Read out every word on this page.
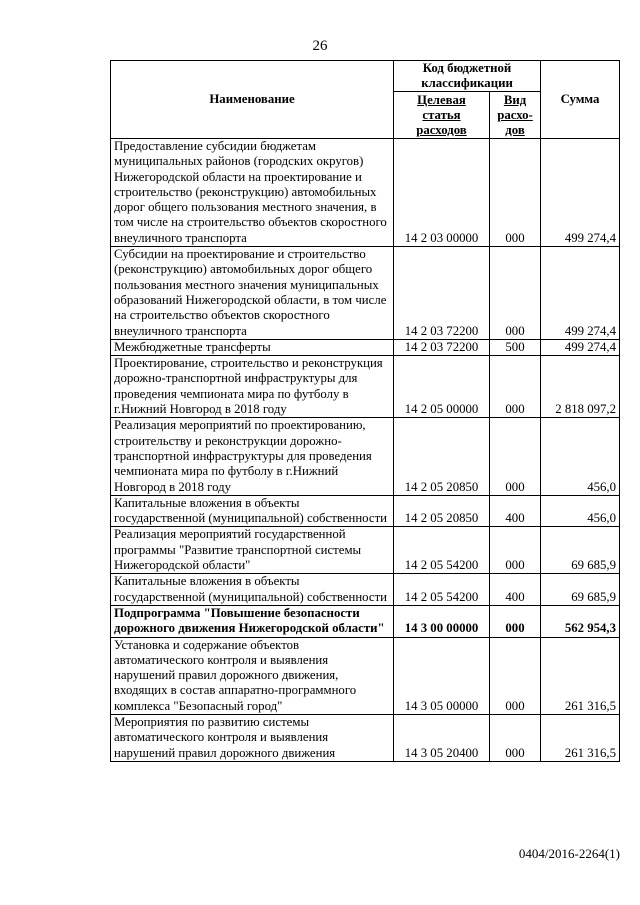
26
Наименование	Код бюджетной классификации		Сумма
	Целевая статья расходов	Вид расхо-дов	
Предоставление субсидии бюджетам муниципальных районов (городских округов) Нижегородской области на проектирование и строительство (реконструкцию) автомобильных дорог общего пользования местного значения, в том числе на строительство объектов скоростного внеуличного транспорта	14 2 03 00000	000	499 274,4
Субсидии на проектирование и строительство (реконструкцию) автомобильных дорог общего пользования местного значения муниципальных образований Нижегородской области, в том числе на строительство объектов скоростного внеуличного транспорта	14 2 03 72200	000	499 274,4
Межбюджетные трансферты	14 2 03 72200	500	499 274,4
Проектирование, строительство и реконструкция дорожно-транспортной инфраструктуры для проведения чемпионата мира по футболу в г.Нижний Новгород в 2018 году	14 2 05 00000	000	2 818 097,2
Реализация мероприятий по проектированию, строительству и реконструкции дорожно-транспортной инфраструктуры для проведения чемпионата мира по футболу в г.Нижний Новгород в 2018 году	14 2 05 20850	000	456,0
Капитальные вложения в объекты государственной (муниципальной) собственности	14 2 05 20850	400	456,0
Реализация мероприятий государственной программы "Развитие транспортной системы Нижегородской области"	14 2 05 54200	000	69 685,9
Капитальные вложения в объекты государственной (муниципальной) собственности	14 2 05 54200	400	69 685,9
Подпрограмма "Повышение безопасности дорожного движения Нижегородской области"	14 3 00 00000	000	562 954,3
Установка и содержание объектов автоматического контроля и выявления нарушений правил дорожного движения, входящих в состав аппаратно-программного комплекса "Безопасный город"	14 3 05 00000	000	261 316,5
Мероприятия по развитию системы автоматического контроля и выявления нарушений правил дорожного движения	14 3 05 20400	000	261 316,5
0404/2016-2264(1)
